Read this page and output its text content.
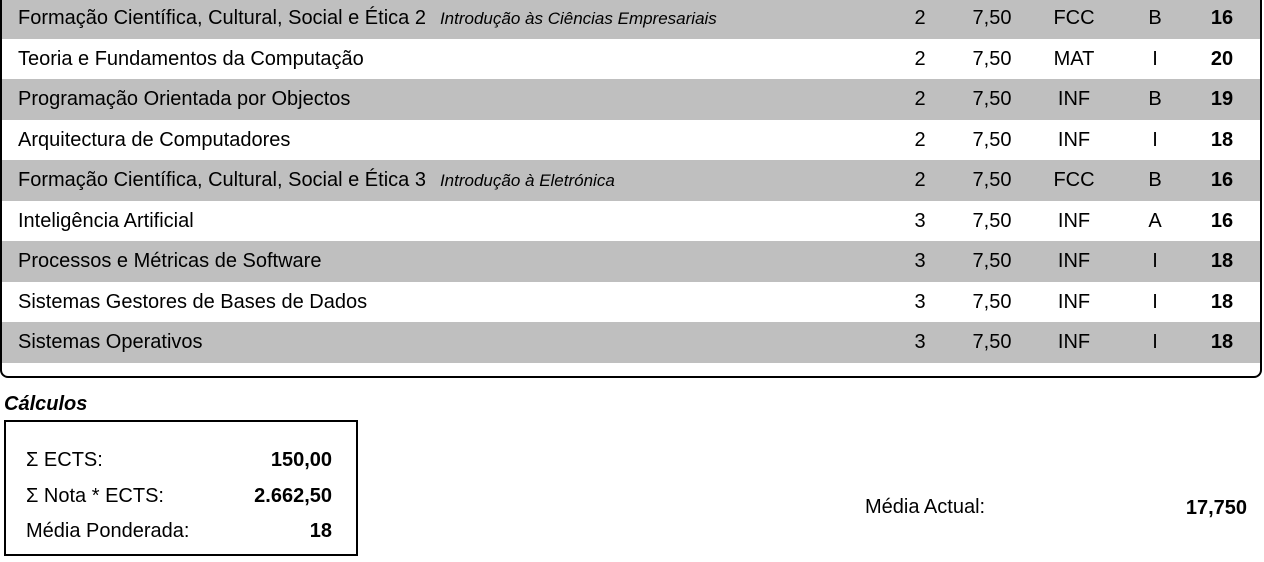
Formação Científica, Cultural, Social e Ética 2 Introdução às Ciências Empresariais	2	7,50	FCC	B	16
Teoria e Fundamentos da Computação	2	7,50	MAT	I	20
Programação Orientada por Objectos	2	7,50	INF	B	19
Arquitectura de Computadores	2	7,50	INF	I	18
Formação Científica, Cultural, Social e Ética 3 Introdução à Eletrónica	2	7,50	FCC	B	16
Inteligência Artificial	3	7,50	INF	A	16
Processos e Métricas de Software	3	7,50	INF	I	18
Sistemas Gestores de Bases de Dados	3	7,50	INF	I	18
Sistemas Operativos	3	7,50	INF	I	18
Cálculos
Σ ECTS:	150,00
Σ Nota * ECTS:	2.662,50
Média Ponderada:	18
Média Actual:	17,750
